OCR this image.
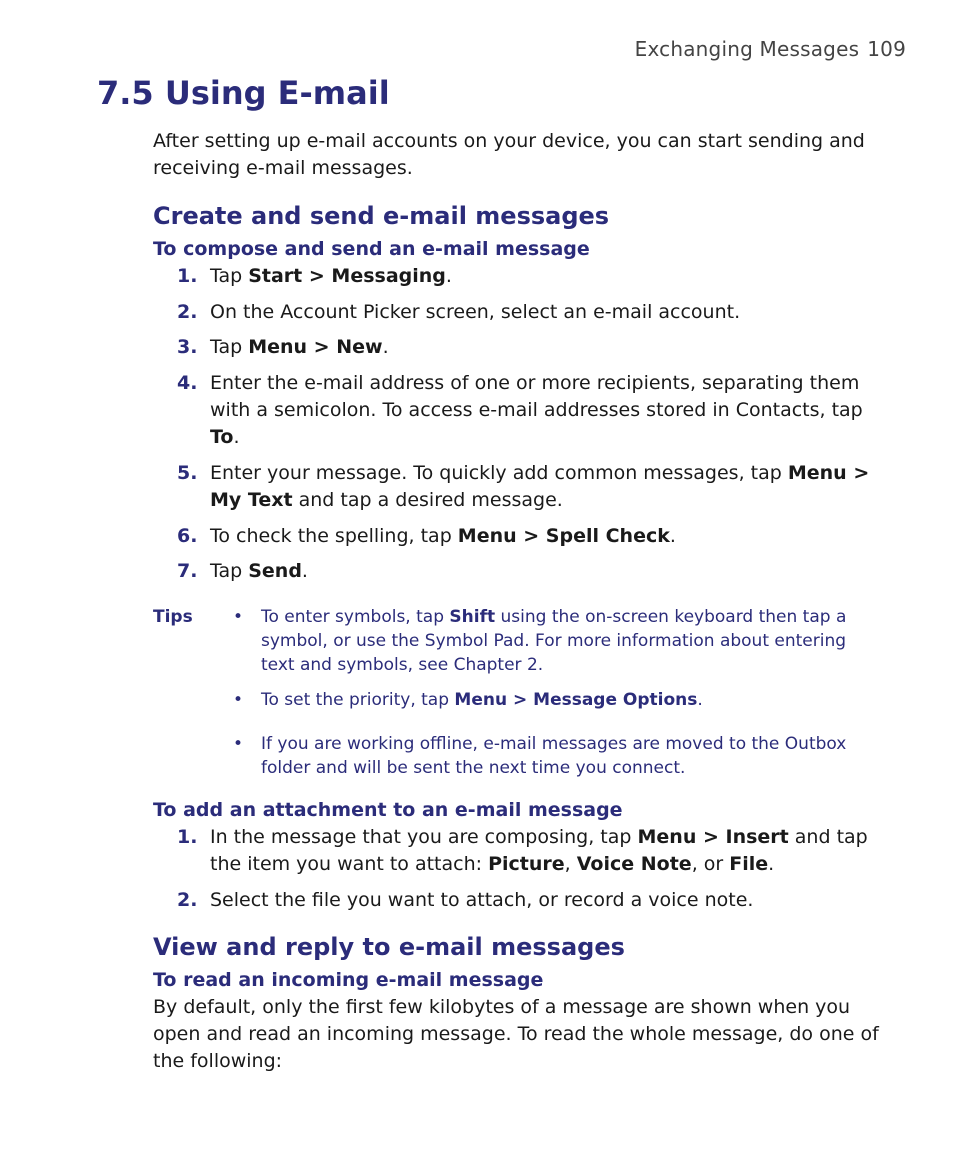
Exchanging Messages 109
7.5 Using E-mail

After setting up e-mail accounts on your device, you can start sending and receiving e-mail messages.

Create and send e-mail messages
To compose and send an e-mail message
1. Tap Start > Messaging.
2. On the Account Picker screen, select an e-mail account.
3. Tap Menu > New.
4. Enter the e-mail address of one or more recipients, separating them with a semicolon. To access e-mail addresses stored in Contacts, tap To.
5. Enter your message. To quickly add common messages, tap Menu > My Text and tap a desired message.
6. To check the spelling, tap Menu > Spell Check.
7. Tap Send.
Tips • To enter symbols, tap Shift using the on-screen keyboard then tap a symbol, or use the Symbol Pad. For more information about entering text and symbols, see Chapter 2.
• To set the priority, tap Menu > Message Options.
• If you are working offline, e-mail messages are moved to the Outbox folder and will be sent the next time you connect.
To add an attachment to an e-mail message
1. In the message that you are composing, tap Menu > Insert and tap the item you want to attach: Picture, Voice Note, or File.
2. Select the file you want to attach, or record a voice note.
View and reply to e-mail messages
To read an incoming e-mail message

By default, only the first few kilobytes of a message are shown when you open and read an incoming message. To read the whole message, do one of the following:
